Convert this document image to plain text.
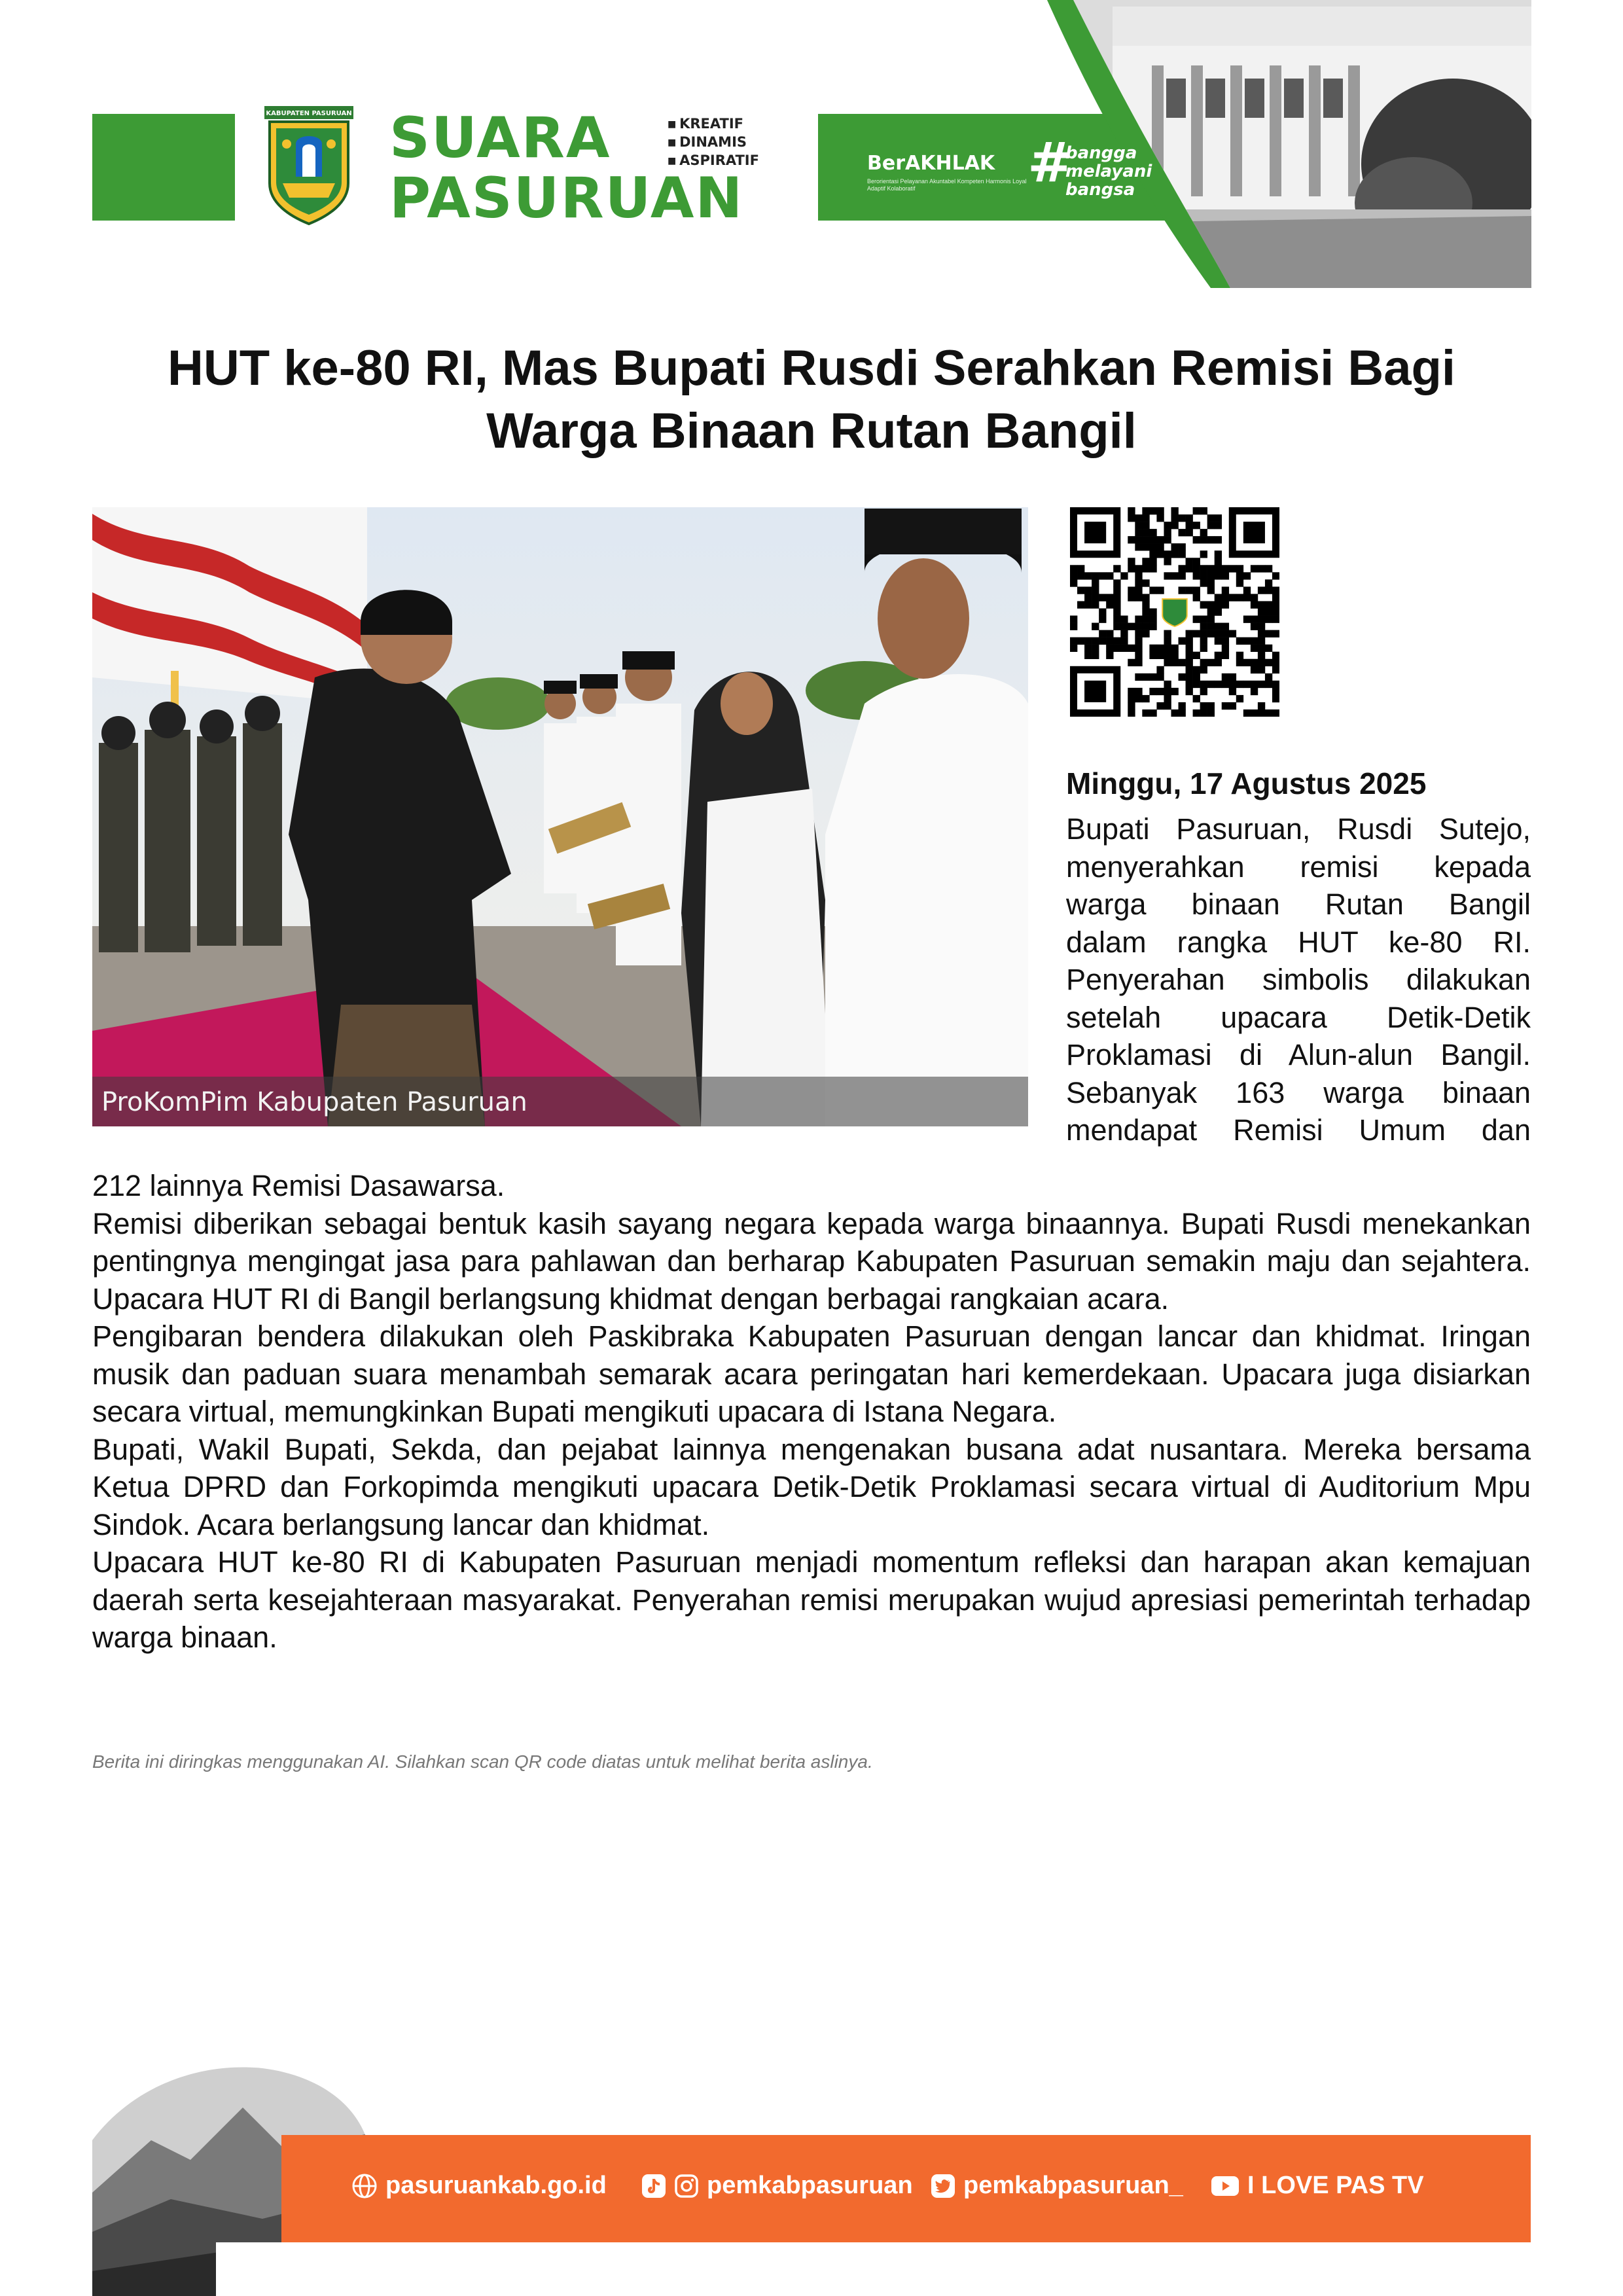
KABUPATEN PASURUAN SUARA
PASURUAN
■ KREATIF
■ DINAMIS
■ ASPIRATIF	BerAKHLAK
Berorientasi Pelayanan Akuntabel Kompeten Harmonis Loyal Adaptif Kolaboratif	#
bangga
melayani
bangsa
HUT ke-80 RI, Mas Bupati Rusdi Serahkan Remisi Bagi
Warga Binaan Rutan Bangil
ProKomPim Kabupaten Pasuruan
Minggu, 17 Agustus 2025
Bupati Pasuruan, Rusdi Sutejo,
menyerahkan remisi kepada
warga binaan Rutan Bangil
dalam rangka HUT ke-80 RI.
Penyerahan simbolis dilakukan
setelah upacara Detik-Detik
Proklamasi di Alun-alun Bangil.
Sebanyak 163 warga binaan
mendapat Remisi Umum dan

212 lainnya Remisi Dasawarsa.

Remisi diberikan sebagai bentuk kasih sayang negara kepada warga binaannya. Bupati Rusdi menekankan pentingnya mengingat jasa para pahlawan dan berharap Kabupaten Pasuruan semakin maju dan sejahtera. Upacara HUT RI di Bangil berlangsung khidmat dengan berbagai rangkaian acara.

Pengibaran bendera dilakukan oleh Paskibraka Kabupaten Pasuruan dengan lancar dan khidmat. Iringan musik dan paduan suara menambah semarak acara peringatan hari kemerdekaan. Upacara juga disiarkan secara virtual, memungkinkan Bupati mengikuti upacara di Istana Negara.

Bupati, Wakil Bupati, Sekda, dan pejabat lainnya mengenakan busana adat nusantara. Mereka bersama Ketua DPRD dan Forkopimda mengikuti upacara Detik-Detik Proklamasi secara virtual di Auditorium Mpu Sindok. Acara berlangsung lancar dan khidmat.

Upacara HUT ke-80 RI di Kabupaten Pasuruan menjadi momentum refleksi dan harapan akan kemajuan daerah serta kesejahteraan masyarakat. Penyerahan remisi merupakan wujud apresiasi pemerintah terhadap warga binaan.

Berita ini diringkas menggunakan AI. Silahkan scan QR code diatas untuk melihat berita aslinya.
pasuruankab.go.id	pemkabpasuruan pemkabpasuruan_	I LOVE PAS TV
